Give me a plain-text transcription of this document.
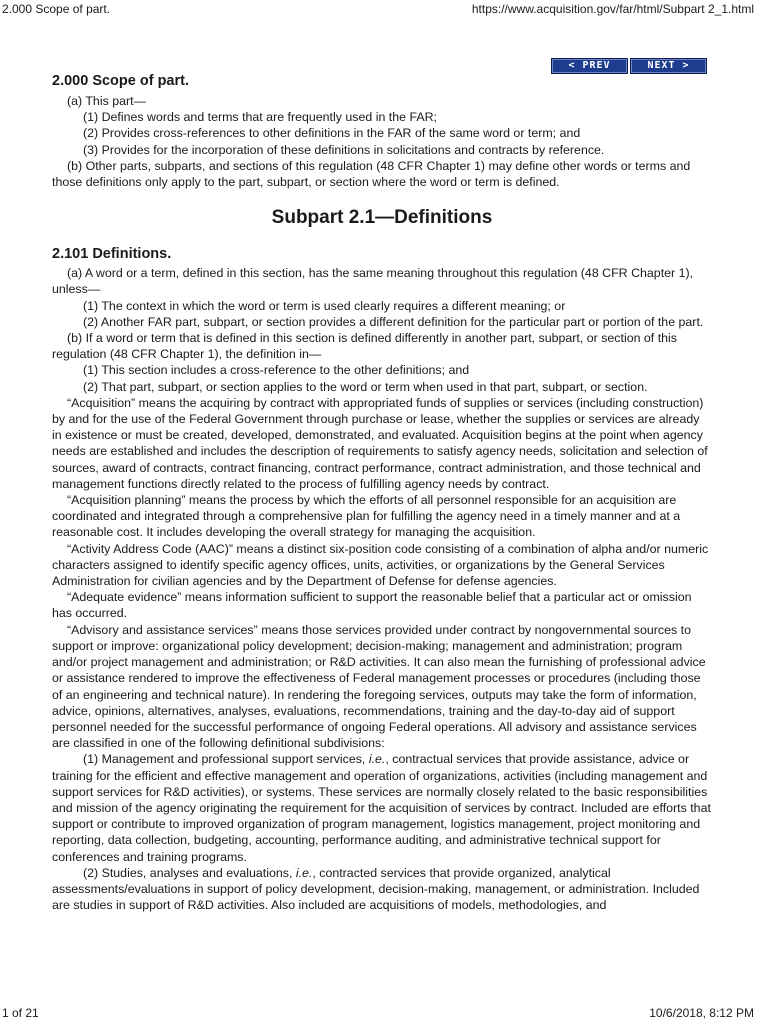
2.000 Scope of part.	https://www.acquisition.gov/far/html/Subpart 2_1.html
< PREV	NEXT >
2.000 Scope of part.

(a) This part—

(1) Defines words and terms that are frequently used in the FAR;

(2) Provides cross-references to other definitions in the FAR of the same word or term; and

(3) Provides for the incorporation of these definitions in solicitations and contracts by reference.

(b) Other parts, subparts, and sections of this regulation (48 CFR Chapter 1) may define other words or terms and those definitions only apply to the part, subpart, or section where the word or term is defined.

Subpart 2.1—Definitions
2.101 Definitions.

(a) A word or a term, defined in this section, has the same meaning throughout this regulation (48 CFR Chapter 1), unless—

(1) The context in which the word or term is used clearly requires a different meaning; or

(2) Another FAR part, subpart, or section provides a different definition for the particular part or portion of the part.

(b) If a word or term that is defined in this section is defined differently in another part, subpart, or section of this regulation (48 CFR Chapter 1), the definition in—

(1) This section includes a cross-reference to the other definitions; and

(2) That part, subpart, or section applies to the word or term when used in that part, subpart, or section.

“Acquisition” means the acquiring by contract with appropriated funds of supplies or services (including construction) by and for the use of the Federal Government through purchase or lease, whether the supplies or services are already in existence or must be created, developed, demonstrated, and evaluated. Acquisition begins at the point when agency needs are established and includes the description of requirements to satisfy agency needs, solicitation and selection of sources, award of contracts, contract financing, contract performance, contract administration, and those technical and management functions directly related to the process of fulfilling agency needs by contract.

“Acquisition planning” means the process by which the efforts of all personnel responsible for an acquisition are coordinated and integrated through a comprehensive plan for fulfilling the agency need in a timely manner and at a reasonable cost. It includes developing the overall strategy for managing the acquisition.

“Activity Address Code (AAC)” means a distinct six-position code consisting of a combination of alpha and/or numeric characters assigned to identify specific agency offices, units, activities, or organizations by the General Services Administration for civilian agencies and by the Department of Defense for defense agencies.

“Adequate evidence” means information sufficient to support the reasonable belief that a particular act or omission has occurred.

“Advisory and assistance services” means those services provided under contract by nongovernmental sources to support or improve: organizational policy development; decision-making; management and administration; program and/or project management and administration; or R&D activities. It can also mean the furnishing of professional advice or assistance rendered to improve the effectiveness of Federal management processes or procedures (including those of an engineering and technical nature). In rendering the foregoing services, outputs may take the form of information, advice, opinions, alternatives, analyses, evaluations, recommendations, training and the day-to-day aid of support personnel needed for the successful performance of ongoing Federal operations. All advisory and assistance services are classified in one of the following definitional subdivisions:

(1) Management and professional support services, i.e., contractual services that provide assistance, advice or training for the efficient and effective management and operation of organizations, activities (including management and support services for R&D activities), or systems. These services are normally closely related to the basic responsibilities and mission of the agency originating the requirement for the acquisition of services by contract. Included are efforts that support or contribute to improved organization of program management, logistics management, project monitoring and reporting, data collection, budgeting, accounting, performance auditing, and administrative technical support for conferences and training programs.

(2) Studies, analyses and evaluations, i.e., contracted services that provide organized, analytical assessments/evaluations in support of policy development, decision-making, management, or administration. Included are studies in support of R&D activities. Also included are acquisitions of models, methodologies, and

1 of 21	10/6/2018, 8:12 PM
